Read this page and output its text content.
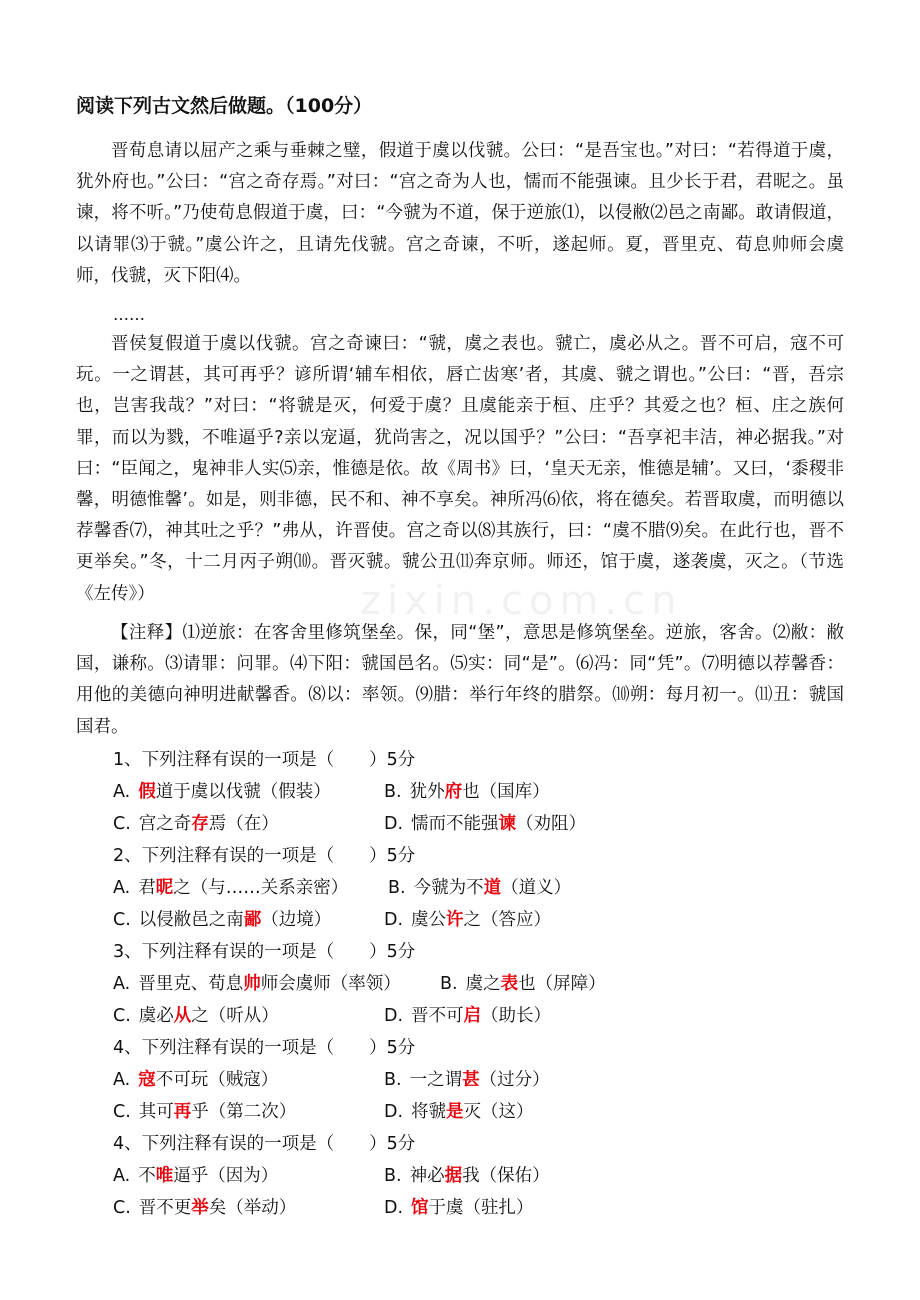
阅读下列古文然后做题。（100分）

晋荀息请以屈产之乘与垂棘之璧，假道于虞以伐虢。公曰：“是吾宝也。”对曰：“若得道于虞，犹外府也。”公曰：“宫之奇存焉。”对曰：“宫之奇为人也，懦而不能强谏。且少长于君，君昵之。虽谏，将不听。”乃使荀息假道于虞，曰：“今虢为不道，保于逆旅⑴，以侵敝⑵邑之南鄙。敢请假道，以请罪⑶于虢。”虞公许之，且请先伐虢。宫之奇谏，不听，遂起师。夏，晋里克、荀息帅师会虞师，伐虢，灭下阳⑷。

……

晋侯复假道于虞以伐虢。宫之奇谏曰：“虢，虞之表也。虢亡，虞必从之。晋不可启，寇不可玩。一之谓甚，其可再乎？谚所谓‘辅车相依，唇亡齿寒’者，其虞、虢之谓也。”公曰：“晋，吾宗也，岂害我哉？”对曰：“将虢是灭，何爱于虞？且虞能亲于桓、庄乎？其爱之也？桓、庄之族何罪，而以为戮，不唯逼乎?亲以宠逼，犹尚害之，况以国乎？”公曰：“吾享祀丰洁，神必据我。”对曰：“臣闻之，鬼神非人实⑸亲，惟德是依。故《周书》曰，‘皇天无亲，惟德是辅’。又曰，‘黍稷非馨，明德惟馨’。如是，则非德，民不和、神不享矣。神所冯⑹依，将在德矣。若晋取虞，而明德以荐馨香⑺，神其吐之乎？”弗从，许晋使。宫之奇以⑻其族行，曰：“虞不腊⑼矣。在此行也，晋不更举矣。”冬，十二月丙子朔⑽。晋灭虢。虢公丑⑾奔京师。师还，馆于虞，遂袭虞，灭之。（节选《左传》）	zixin.com.cn

【注释】⑴逆旅：在客舍里修筑堡垒。保，同“堡”，意思是修筑堡垒。逆旅，客舍。⑵敝：敝国，谦称。⑶请罪：问罪。⑷下阳：虢国邑名。⑸实：同“是”。⑹冯：同“凭”。⑺明德以荐馨香：用他的美德向神明进献馨香。⑻以：率领。⑼腊：举行年终的腊祭。⑽朔：每月初一。⑾丑：虢国国君。

1、下列注释有误的一项是（　　）5分
A. 假道于虞以伐虢（假装）	B. 犹外府也（国库）
C. 宫之奇存焉（在）	D. 懦而不能强谏（劝阻）
2、下列注释有误的一项是（　　）5分
A. 君昵之（与……关系亲密） B. 今虢为不道（道义）
C. 以侵敝邑之南鄙（边境）	D. 虞公许之（答应）
3、下列注释有误的一项是（　　）5分
A. 晋里克、荀息帅师会虞师（率领） B. 虞之表也（屏障）
C. 虞必从之（听从）	D. 晋不可启（助长）
4、下列注释有误的一项是（　　）5分
A. 寇不可玩（贼寇）	B. 一之谓甚（过分）
C. 其可再乎（第二次）	D. 将虢是灭（这）
4、下列注释有误的一项是（　　）5分
A. 不唯逼乎（因为）	B. 神必据我（保佑）
C. 晋不更举矣（举动）	D. 馆于虞（驻扎）
